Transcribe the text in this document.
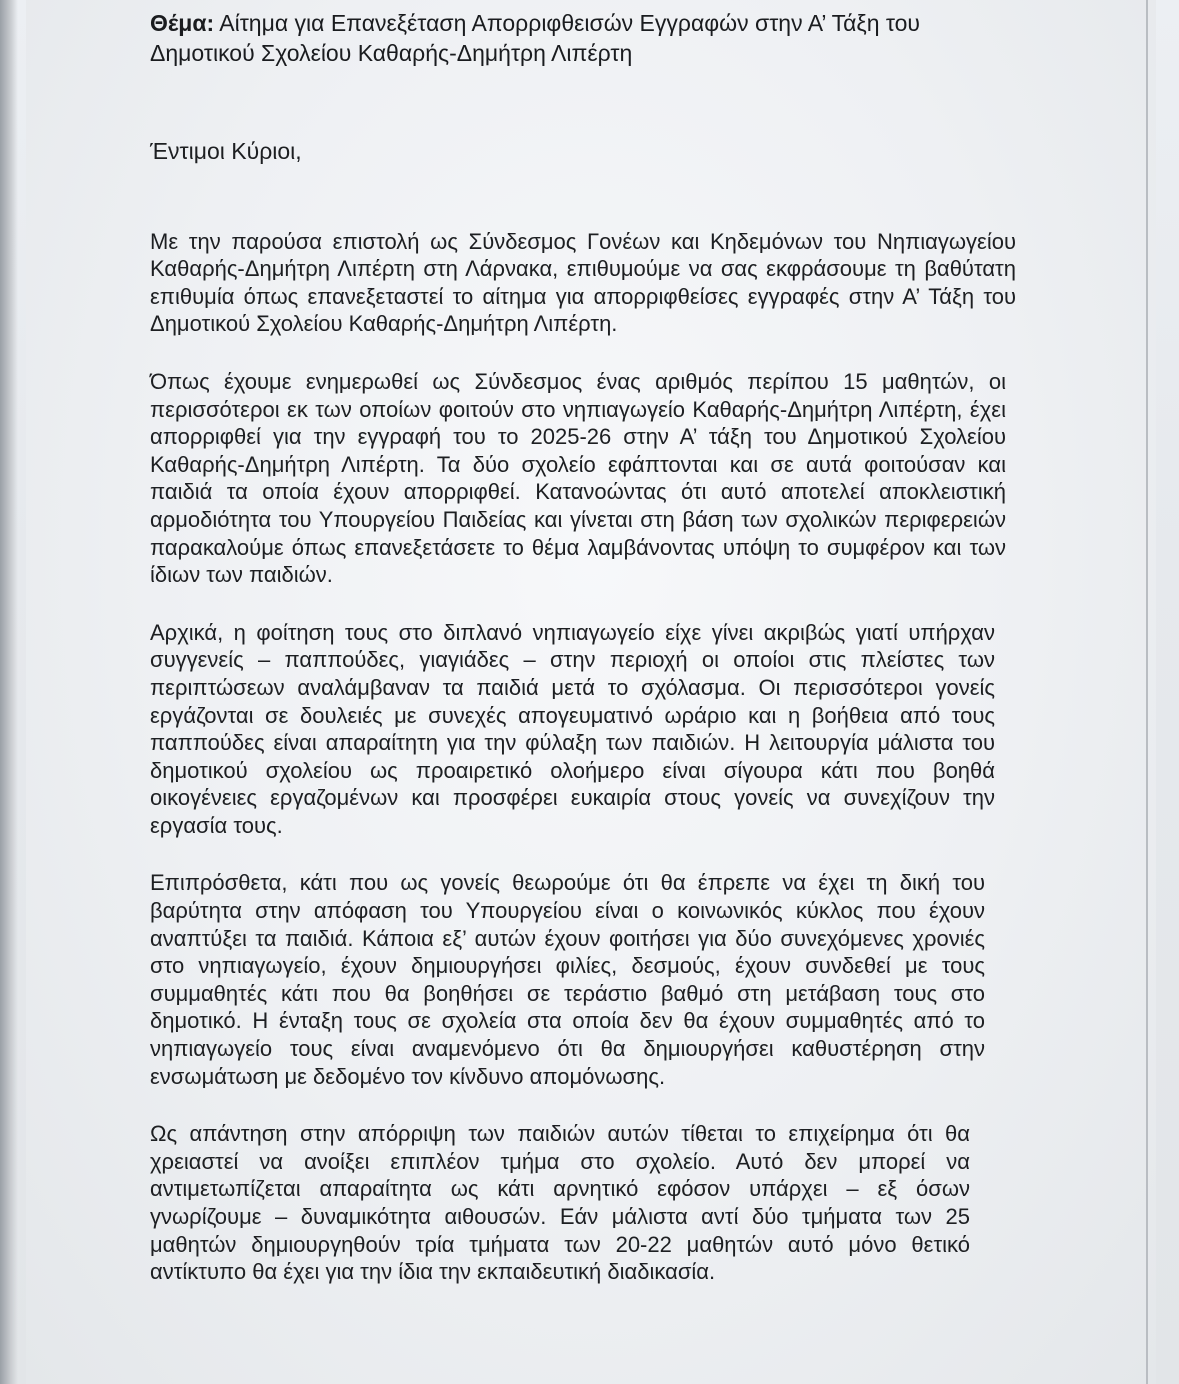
Θέμα: Αίτημα για Επανεξέταση Απορριφθεισών Εγγραφών στην Α’ Τάξη του Δημοτικού Σχολείου Καθαρής-Δημήτρη Λιπέρτη

Έντιμοι Κύριοι,

Με την παρούσα επιστολή ως Σύνδεσμος Γονέων και Κηδεμόνων του Νηπιαγωγείου Καθαρής-Δημήτρη Λιπέρτη στη Λάρνακα, επιθυμούμε να σας εκφράσουμε τη βαθύτατη επιθυμία όπως επανεξεταστεί το αίτημα για απορριφθείσες εγγραφές στην Α’ Τάξη του Δημοτικού Σχολείου Καθαρής-Δημήτρη Λιπέρτη.

Όπως έχουμε ενημερωθεί ως Σύνδεσμος ένας αριθμός περίπου 15 μαθητών, οι περισσότεροι εκ των οποίων φοιτούν στο νηπιαγωγείο Καθαρής-Δημήτρη Λιπέρτη, έχει απορριφθεί για την εγγραφή του το 2025-26 στην Α’ τάξη του Δημοτικού Σχολείου Καθαρής-Δημήτρη Λιπέρτη. Τα δύο σχολείο εφάπτονται και σε αυτά φοιτούσαν και παιδιά τα οποία έχουν απορριφθεί. Κατανοώντας ότι αυτό αποτελεί αποκλειστική αρμοδιότητα του Υπουργείου Παιδείας και γίνεται στη βάση των σχολικών περιφερειών παρακαλούμε όπως επανεξετάσετε το θέμα λαμβάνοντας υπόψη το συμφέρον και των ίδιων των παιδιών.

Αρχικά, η φοίτηση τους στο διπλανό νηπιαγωγείο είχε γίνει ακριβώς γιατί υπήρχαν συγγενείς – παππούδες, γιαγιάδες – στην περιοχή οι οποίοι στις πλείστες των περιπτώσεων αναλάμβαναν τα παιδιά μετά το σχόλασμα. Οι περισσότεροι γονείς εργάζονται σε δουλειές με συνεχές απογευματινό ωράριο και η βοήθεια από τους παππούδες είναι απαραίτητη για την φύλαξη των παιδιών. Η λειτουργία μάλιστα του δημοτικού σχολείου ως προαιρετικό ολοήμερο είναι σίγουρα κάτι που βοηθά οικογένειες εργαζομένων και προσφέρει ευκαιρία στους γονείς να συνεχίζουν την εργασία τους.

Επιπρόσθετα, κάτι που ως γονείς θεωρούμε ότι θα έπρεπε να έχει τη δική του βαρύτητα στην απόφαση του Υπουργείου είναι ο κοινωνικός κύκλος που έχουν αναπτύξει τα παιδιά. Κάποια εξ’ αυτών έχουν φοιτήσει για δύο συνεχόμενες χρονιές στο νηπιαγωγείο, έχουν δημιουργήσει φιλίες, δεσμούς, έχουν συνδεθεί με τους συμμαθητές κάτι που θα βοηθήσει σε τεράστιο βαθμό στη μετάβαση τους στο δημοτικό. Η ένταξη τους σε σχολεία στα οποία δεν θα έχουν συμμαθητές από το νηπιαγωγείο τους είναι αναμενόμενο ότι θα δημιουργήσει καθυστέρηση στην ενσωμάτωση με δεδομένο τον κίνδυνο απομόνωσης.

Ως απάντηση στην απόρριψη των παιδιών αυτών τίθεται το επιχείρημα ότι θα χρειαστεί να ανοίξει επιπλέον τμήμα στο σχολείο. Αυτό δεν μπορεί να αντιμετωπίζεται απαραίτητα ως κάτι αρνητικό εφόσον υπάρχει – εξ όσων γνωρίζουμε – δυναμικότητα αιθουσών. Εάν μάλιστα αντί δύο τμήματα των 25 μαθητών δημιουργηθούν τρία τμήματα των 20-22 μαθητών αυτό μόνο θετικό αντίκτυπο θα έχει για την ίδια την εκπαιδευτική διαδικασία.
